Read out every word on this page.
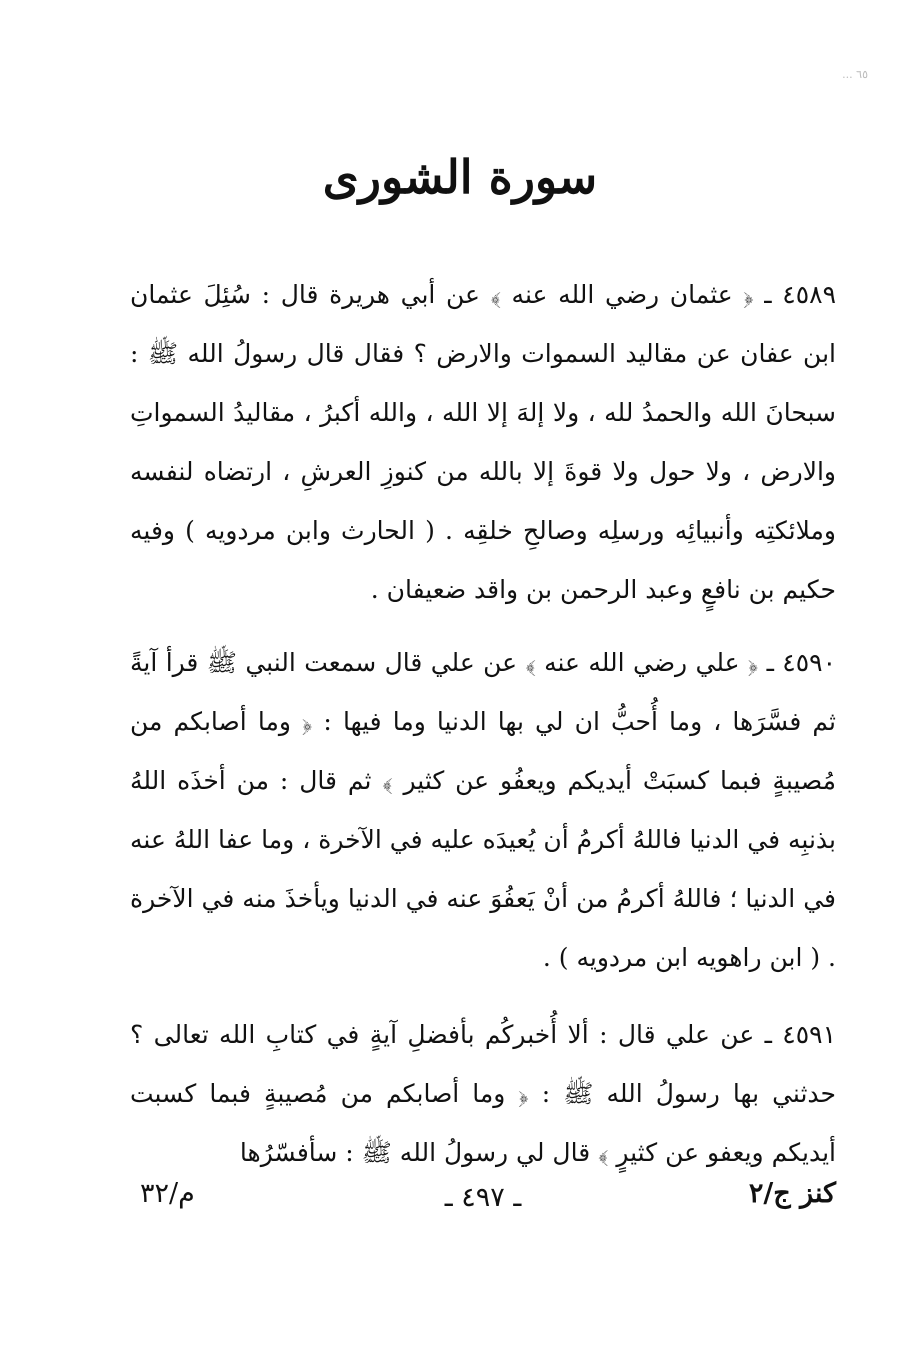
٦٥ ...
سورة الشورى

٤٥٨٩ ـ ﴿ عثمان رضي الله عنه ﴾ عن أبي هريرة قال : سُئِلَ عثمان ابن عفان عن مقاليد السموات والارض ؟ فقال قال رسولُ الله ﷺ : سبحانَ الله والحمدُ لله ، ولا إلهَ إلا الله ، والله أكبرُ ، مقاليدُ السمواتِ والارض ، ولا حول ولا قوةَ إلا بالله من كنوزِ العرشِ ، ارتضاه لنفسه وملائكتِه وأنبيائِه ورسلِه وصالحِ خلقِه . ( الحارث وابن مردويه ) وفيه حكيم بن نافعٍ وعبد الرحمن بن واقد ضعيفان .

٤٥٩٠ ـ ﴿ علي رضي الله عنه ﴾ عن علي قال سمعت النبي ﷺ قرأ آيةً ثم فسَّرَها ، وما أُحبُّ ان لي بها الدنيا وما فيها : ﴿ وما أصابكم من مُصيبةٍ فبما كسبَتْ أيديكم ويعفُو عن كثير ﴾ ثم قال : من أخذَه اللهُ بذنبِه في الدنيا فاللهُ أكرمُ أن يُعيدَه عليه في الآخرة ، وما عفا اللهُ عنه في الدنيا ؛ فاللهُ أكرمُ من أنْ يَعفُوَ عنه في الدنيا ويأخذَ منه في الآخرة . ( ابن راهويه ابن مردويه ) .

٤٥٩١ ـ عن علي قال : ألا أُخبركُم بأفضلِ آيةٍ في كتابِ الله تعالى ؟ حدثني بها رسولُ الله ﷺ : ﴿ وما أصابكم من مُصيبةٍ فبما كسبت أيديكم ويعفو عن كثيرٍ ﴾ قال لي رسولُ الله ﷺ : سأفسّرُها

كنز ج/٢
ـ ٤٩٧ ـ
م/٣٢
